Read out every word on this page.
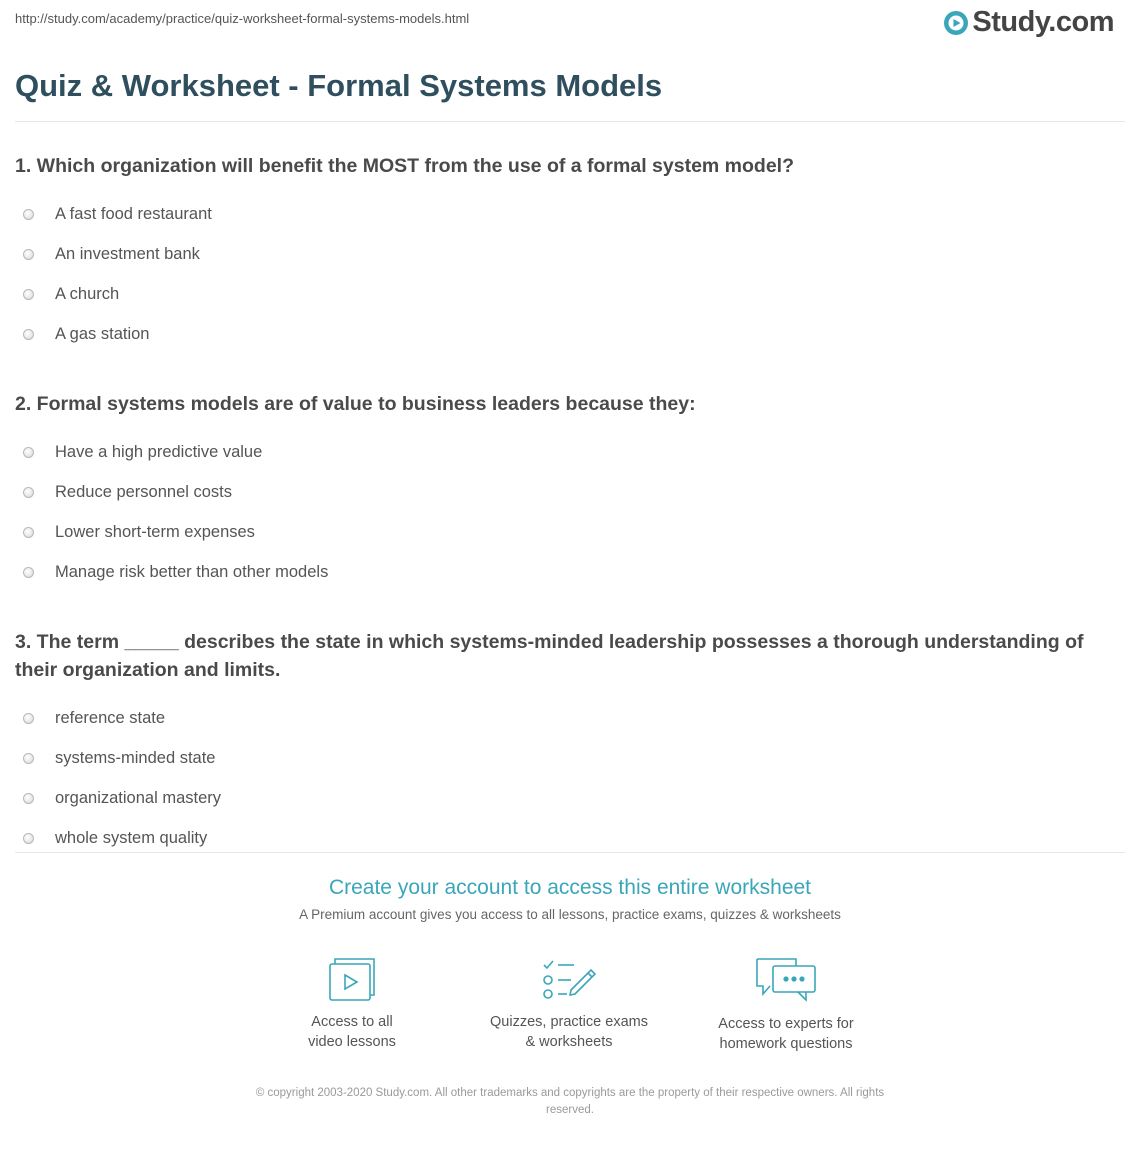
http://study.com/academy/practice/quiz-worksheet-formal-systems-models.html	Study.com
Quiz & Worksheet - Formal Systems Models

1. Which organization will benefit the MOST from the use of a formal system model?

A fast food restaurant
An investment bank
A church
A gas station

2. Formal systems models are of value to business leaders because they:

Have a high predictive value
Reduce personnel costs
Lower short-term expenses
Manage risk better than other models

3. The term _____ describes the state in which systems-minded leadership possesses a thorough understanding of their organization and limits.

reference state
systems-minded state
organizational mastery
whole system quality

Create your account to access this entire worksheet

A Premium account gives you access to all lessons, practice exams, quizzes & worksheets
Access to all
video lessons
Quizzes, practice exams
& worksheets
Access to experts for
homework questions
© copyright 2003-2020 Study.com. All other trademarks and copyrights are the property of their respective owners. All rights
reserved.
